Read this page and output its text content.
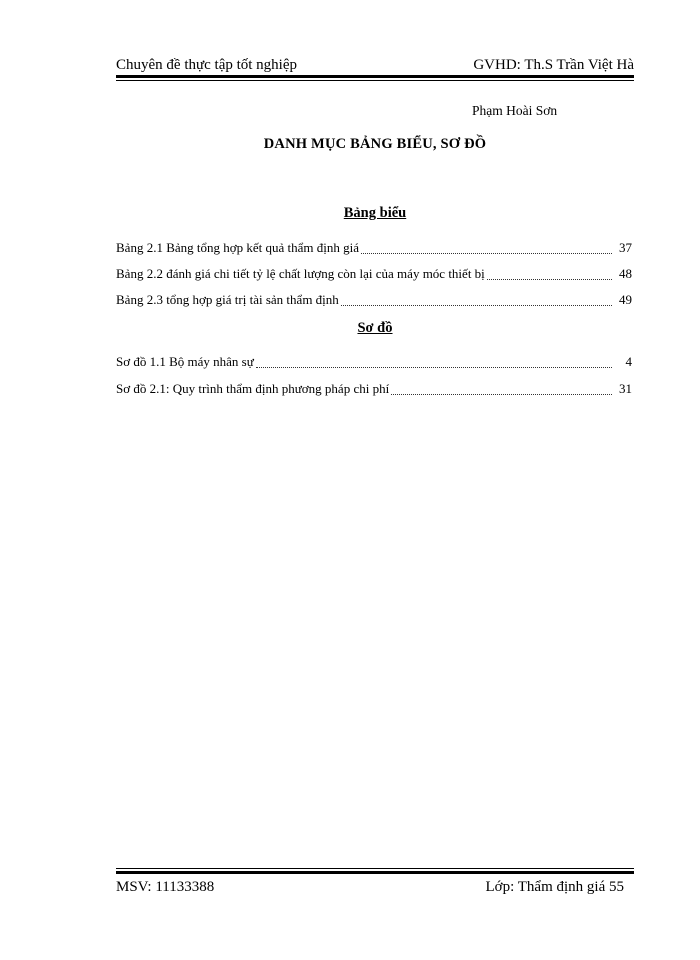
Chuyên đề thực tập tốt nghiệp	GVHD: Th.S Trần Việt Hà
Phạm Hoài Sơn
DANH MỤC BẢNG BIỂU, SƠ ĐỒ
Bảng biểu
Bảng 2.1 Bảng tổng hợp kết quả thẩm định giá	37
Bảng 2.2 đánh giá chi tiết tỷ lệ chất lượng còn lại của máy móc thiết bị	48
Bảng 2.3 tổng hợp giá trị tài sản thẩm định	49
Sơ đồ
Sơ đồ 1.1 Bộ máy nhân sự	4
Sơ đồ 2.1: Quy trình thẩm định phương pháp chi phí	31
MSV: 11133388	Lớp: Thẩm định giá 55
